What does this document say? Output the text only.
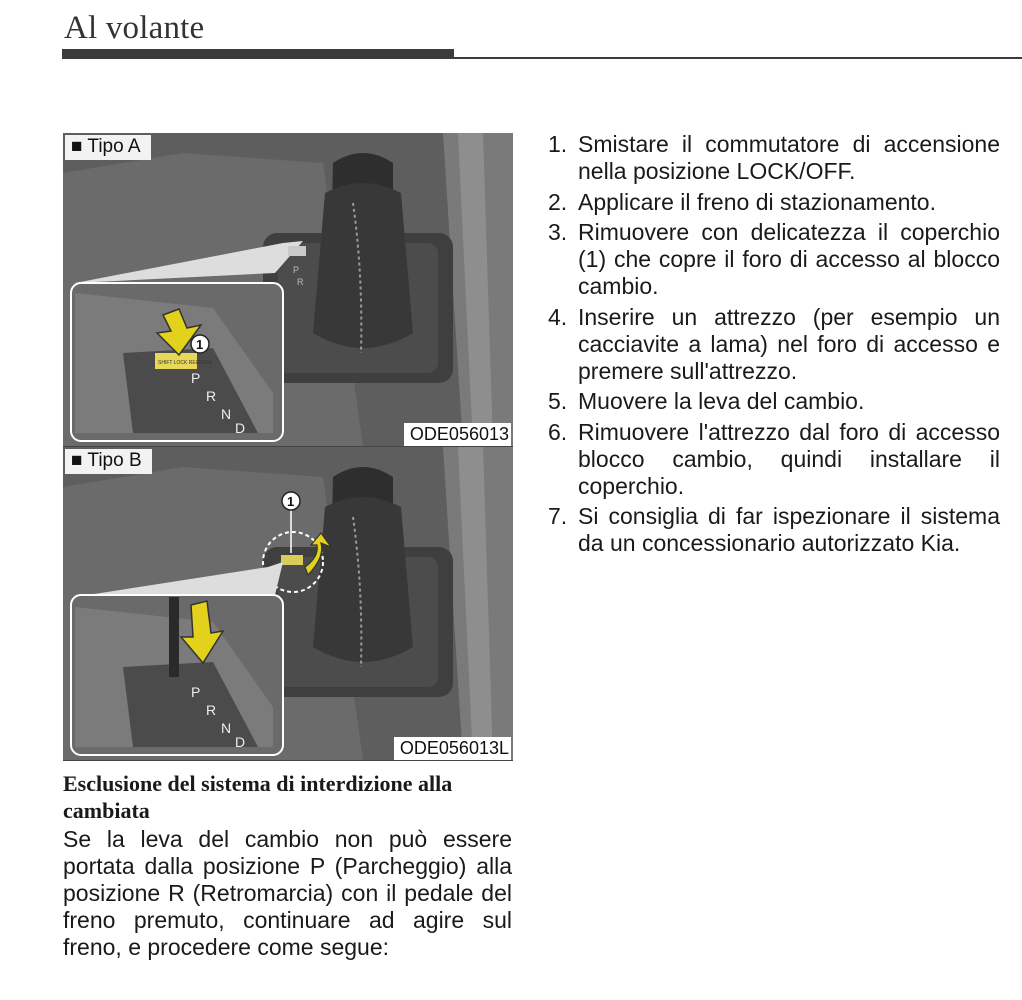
Al volante
P
R
SHIFT LOCK RELEASE
P
R
N
D
1
■ Tipo A
ODE056013
1
P
R
N
D
■ Tipo B
ODE056013L
Esclusione del sistema di interdizione alla cambiata
Se la leva del cambio non può essere portata dalla posizione P (Parcheggio) alla posizione R (Retromarcia) con il pedale del freno premuto, continuare ad agire sul freno, e procedere come segue:
1. Smistare il commutatore di accensione nella posizione LOCK/OFF.
2. Applicare il freno di stazionamento.
3. Rimuovere con delicatezza il coperchio (1) che copre il foro di accesso al blocco cambio.
4. Inserire un attrezzo (per esempio un cacciavite a lama) nel foro di accesso e premere sull'attrezzo.
5. Muovere la leva del cambio.
6. Rimuovere l'attrezzo dal foro di accesso blocco cambio, quindi installare il coperchio.
7. Si consiglia di far ispezionare il sistema da un concessionario autorizzato Kia.
